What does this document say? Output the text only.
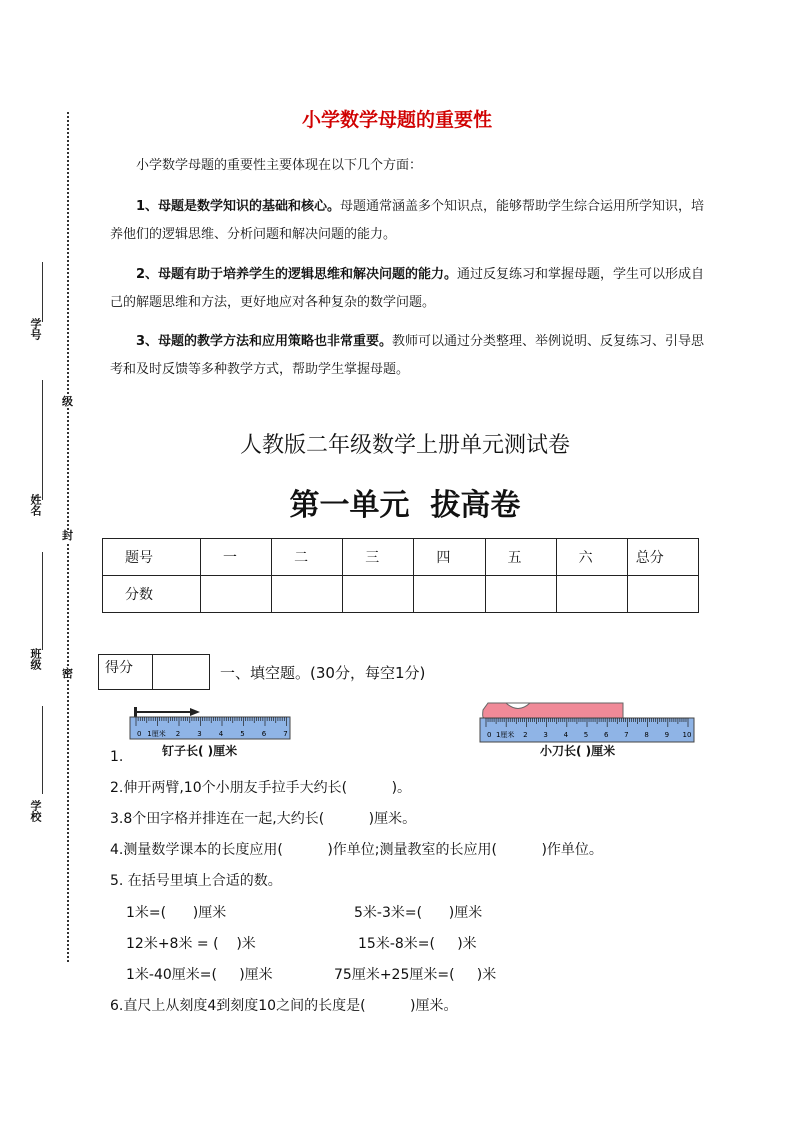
学号
姓名
班级
学校
级
封
密
小学数学母题的重要性
小学数学母题的重要性主要体现在以下几个方面：
1、母题是数学知识的基础和核心。母题通常涵盖多个知识点，能够帮助学生综合运用所学知识，培养他们的逻辑思维、分析问题和解决问题的能力。
2、母题有助于培养学生的逻辑思维和解决问题的能力。通过反复练习和掌握母题，学生可以形成自己的解题思维和方法，更好地应对各种复杂的数学问题。
3、母题的教学方法和应用策略也非常重要。教师可以通过分类整理、举例说明、反复练习、引导思考和及时反馈等多种教学方式，帮助学生掌握母题。
人教版二年级数学上册单元测试卷
第一单元  拔高卷
题号	一	二	三	四	五	六	总分
分数							
得分	一、填空题。(30分，每空1分)
0 1厘米 2 3 4 5 6 7
1.	钉子长( )厘米
0 1厘米 2 3 4 5 6 7 8 9 10
小刀长( )厘米
2.伸开两臂,10个小朋友手拉手大约长(          )。
3.8个田字格并排连在一起,大约长(          )厘米。
4.测量数学课本的长度应用(          )作单位;测量教室的长应用(          )作单位。
5. 在括号里填上合适的数。
1米=(      )厘米	5米-3米=(      )厘米
12米+8米 = (    )米	15米-8米=(     )米
1米-40厘米=(     )厘米	75厘米+25厘米=(     )米
6.直尺上从刻度4到刻度10之间的长度是(          )厘米。
